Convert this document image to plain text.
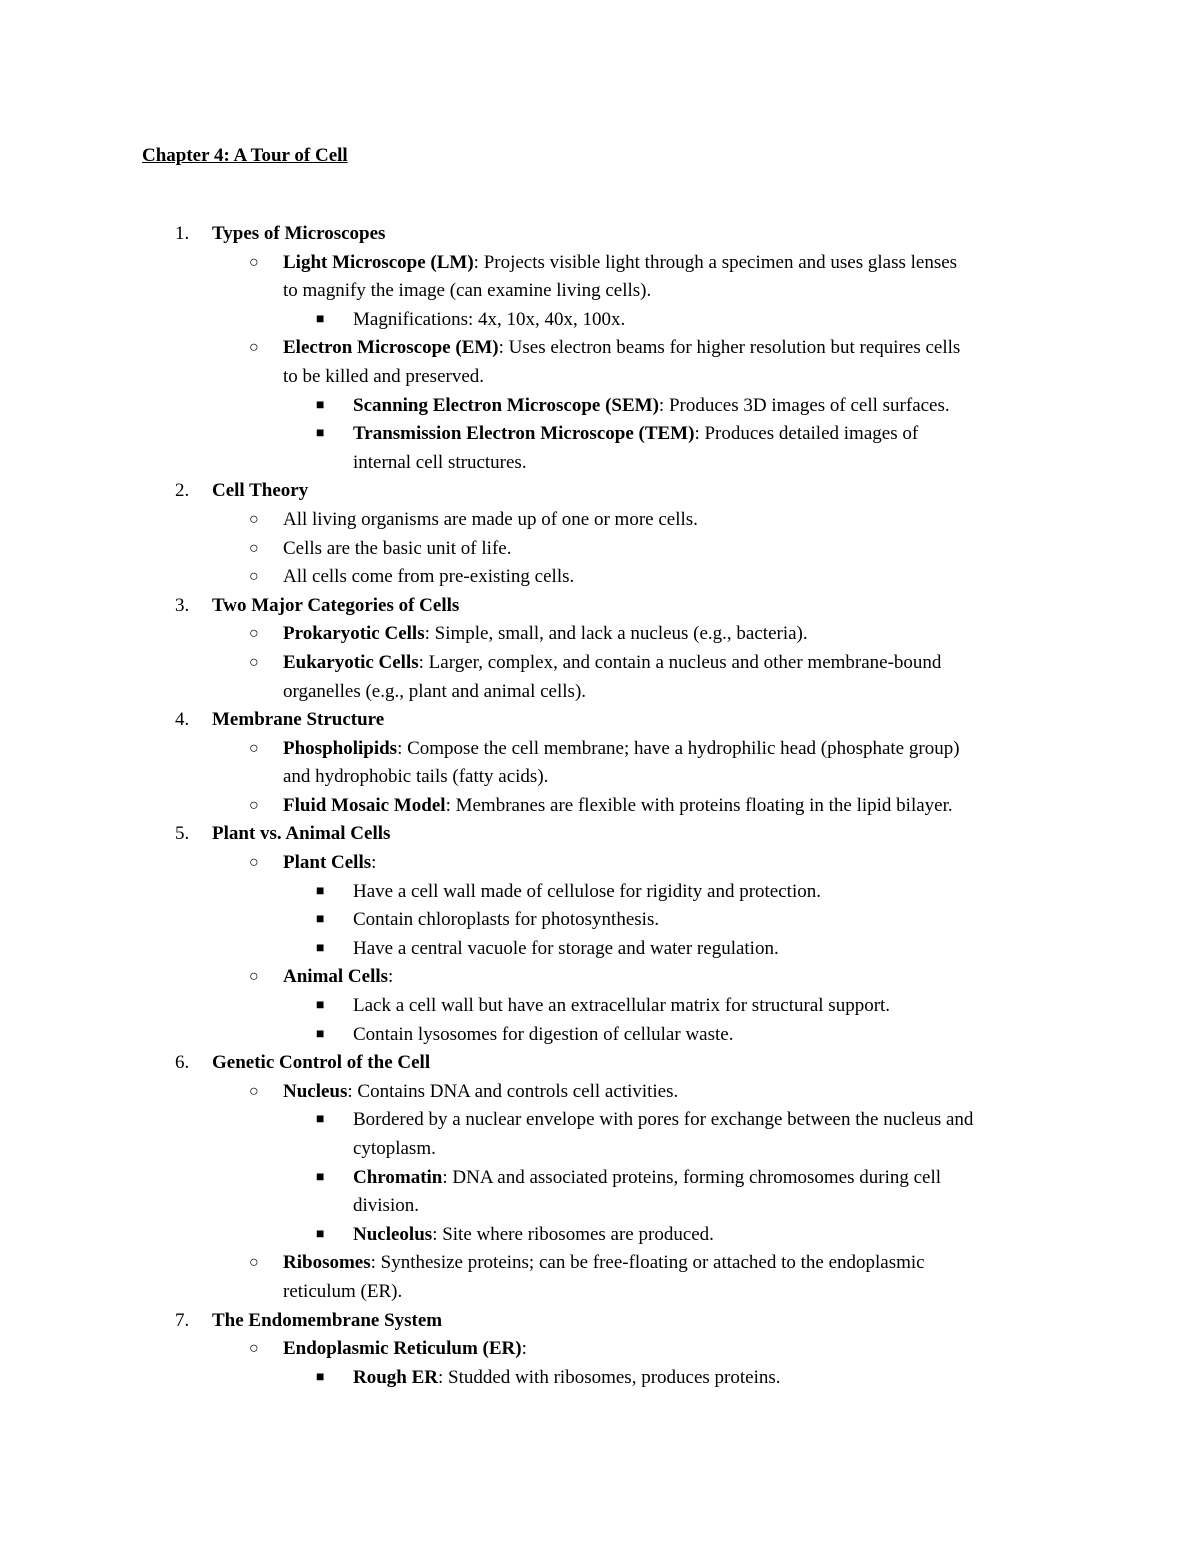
Chapter 4: A Tour of Cell
1. Types of Microscopes
○ Light Microscope (LM): Projects visible light through a specimen and uses glass lenses
to magnify the image (can examine living cells).
■ Magnifications: 4x, 10x, 40x, 100x.
○ Electron Microscope (EM): Uses electron beams for higher resolution but requires cells
to be killed and preserved.
■ Scanning Electron Microscope (SEM): Produces 3D images of cell surfaces.
■ Transmission Electron Microscope (TEM): Produces detailed images of
internal cell structures.
2. Cell Theory
○ All living organisms are made up of one or more cells.
○ Cells are the basic unit of life.
○ All cells come from pre-existing cells.
3. Two Major Categories of Cells
○ Prokaryotic Cells: Simple, small, and lack a nucleus (e.g., bacteria).
○ Eukaryotic Cells: Larger, complex, and contain a nucleus and other membrane-bound
organelles (e.g., plant and animal cells).
4. Membrane Structure
○ Phospholipids: Compose the cell membrane; have a hydrophilic head (phosphate group)
and hydrophobic tails (fatty acids).
○ Fluid Mosaic Model: Membranes are flexible with proteins floating in the lipid bilayer.
5. Plant vs. Animal Cells
○ Plant Cells:
■ Have a cell wall made of cellulose for rigidity and protection.
■ Contain chloroplasts for photosynthesis.
■ Have a central vacuole for storage and water regulation.
○ Animal Cells:
■ Lack a cell wall but have an extracellular matrix for structural support.
■ Contain lysosomes for digestion of cellular waste.
6. Genetic Control of the Cell
○ Nucleus: Contains DNA and controls cell activities.
■ Bordered by a nuclear envelope with pores for exchange between the nucleus and
cytoplasm.
■ Chromatin: DNA and associated proteins, forming chromosomes during cell
division.
■ Nucleolus: Site where ribosomes are produced.
○ Ribosomes: Synthesize proteins; can be free-floating or attached to the endoplasmic
reticulum (ER).
7. The Endomembrane System
○ Endoplasmic Reticulum (ER):
■ Rough ER: Studded with ribosomes, produces proteins.
